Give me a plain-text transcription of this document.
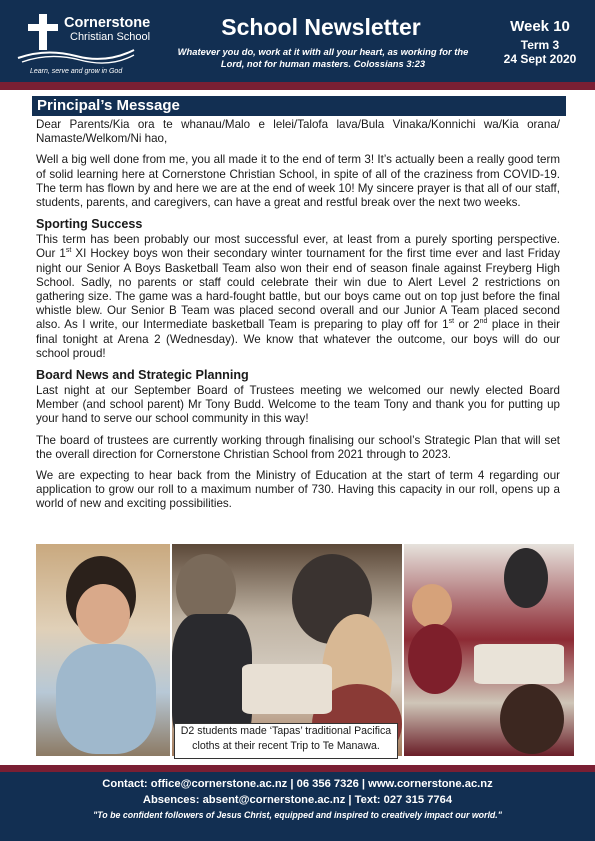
Cornerstone
Christian School
Learn, serve and grow in God
School Newsletter
Whatever you do, work at it with all your heart, as working for the Lord, not for human masters. Colossians 3:23
Week 10
Term 3
24 Sept 2020
Principal’s Message

Dear Parents/Kia ora te whanau/Malo e lelei/Talofa lava/Bula Vinaka/Konnichi wa/Kia orana/ Namaste/Welkom/Ni hao,

Well a big well done from me, you all made it to the end of term 3! It’s actually been a really good term of solid learning here at Cornerstone Christian School, in spite of all of the craziness from COVID-19. The term has flown by and here we are at the end of week 10! My sincere prayer is that all of our staff, students, parents, and caregivers, can have a great and restful break over the next two weeks.

Sporting Success

This term has been probably our most successful ever, at least from a purely sporting perspective. Our 1st XI Hockey boys won their secondary winter tournament for the first time ever and last Friday night our Senior A Boys Basketball Team also won their end of season finale against Freyberg High School. Sadly, no parents or staff could celebrate their win due to Alert Level 2 restrictions on gathering size. The game was a hard-fought battle, but our boys came out on top just before the final whistle blew. Our Senior B Team was placed second overall and our Junior A Team placed second also. As I write, our Intermediate basketball Team is preparing to play off for 1st or 2nd place in their final tonight at Arena 2 (Wednesday). We know that whatever the outcome, our boys will do our school proud!

Board News and Strategic Planning

Last night at our September Board of Trustees meeting we welcomed our newly elected Board Member (and school parent) Mr Tony Budd. Welcome to the team Tony and thank you for putting up your hand to serve our school community in this way!

The board of trustees are currently working through finalising our school’s Strategic Plan that will set the overall direction for Cornerstone Christian School from 2021 through to 2023.

We are expecting to hear back from the Ministry of Education at the start of term 4 regarding our application to grow our roll to a maximum number of 730. Having this capacity in our roll, opens up a world of new and exciting possibilities.

D2 students made ‘Tapas’ traditional Pacifica
cloths at their recent Trip to Te Manawa.
Contact: office@cornerstone.ac.nz | 06 356 7326 | www.cornerstone.ac.nz
Absences: absent@cornerstone.ac.nz | Text: 027 315 7764
"To be confident followers of Jesus Christ, equipped and inspired to creatively impact our world."
